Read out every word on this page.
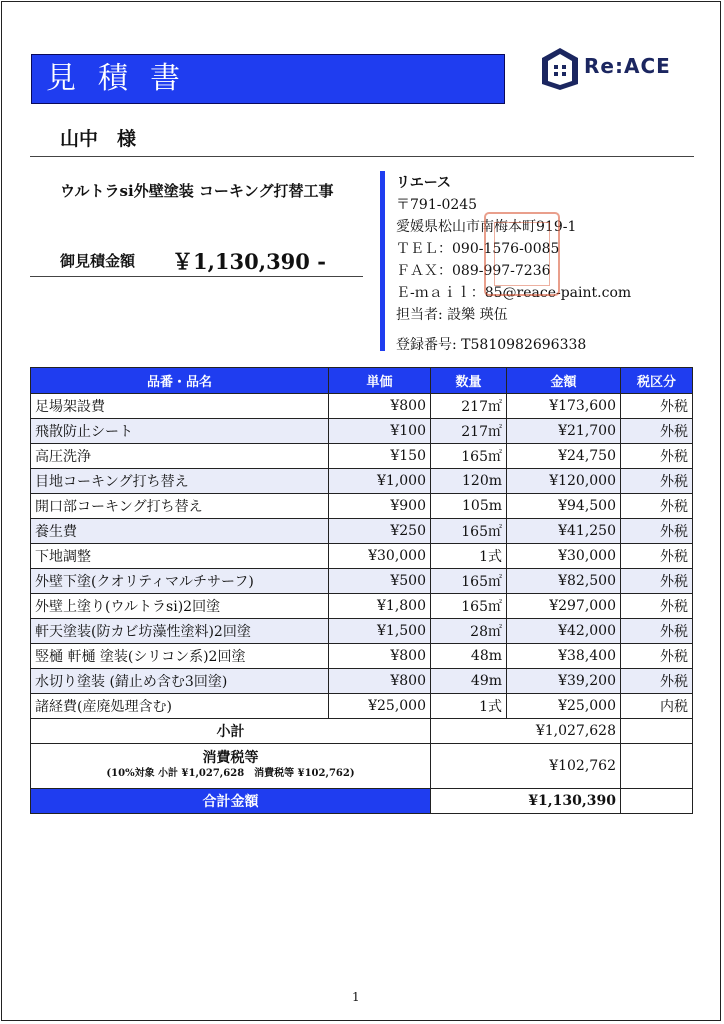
見積書	Re:ACE
山中　様
ウルトラsi外壁塗装 コーキング打替工事
御見積金額 ￥1,130,390 -
リエース
〒791-0245
愛媛県松山市南梅本町919-1
ＴＥＬ：090-1576-0085
ＦＡＸ：089-997-7236
Ｅ-ｍａｉｌ：85@reace-paint.com
担当者: 設樂 瑛伍
登録番号: T5810982696338
品番・品名	単価	数量	金額	税区分
足場架設費	¥800	217㎡	¥173,600	外税
飛散防止シート	¥100	217㎡	¥21,700	外税
高圧洗浄	¥150	165㎡	¥24,750	外税
目地コーキング打ち替え	¥1,000	120m	¥120,000	外税
開口部コーキング打ち替え	¥900	105m	¥94,500	外税
養生費	¥250	165㎡	¥41,250	外税
下地調整	¥30,000	1式	¥30,000	外税
外壁下塗(クオリティマルチサーフ)	¥500	165㎡	¥82,500	外税
外壁上塗り(ウルトラsi)2回塗	¥1,800	165㎡	¥297,000	外税
軒天塗装(防カビ坊藻性塗料)2回塗	¥1,500	28㎡	¥42,000	外税
竪樋 軒樋 塗装(シリコン系)2回塗	¥800	48m	¥38,400	外税
水切り塗装 (錆止め含む3回塗)	¥800	49m	¥39,200	外税
諸経費(産廃処理含む)	¥25,000	1式	¥25,000	内税
小計		¥1,027,628		

消費税等
(10%対象 小計 ¥1,027,628　消費税等 ¥102,762)		¥102,762		
合計金額		¥1,130,390		
1
